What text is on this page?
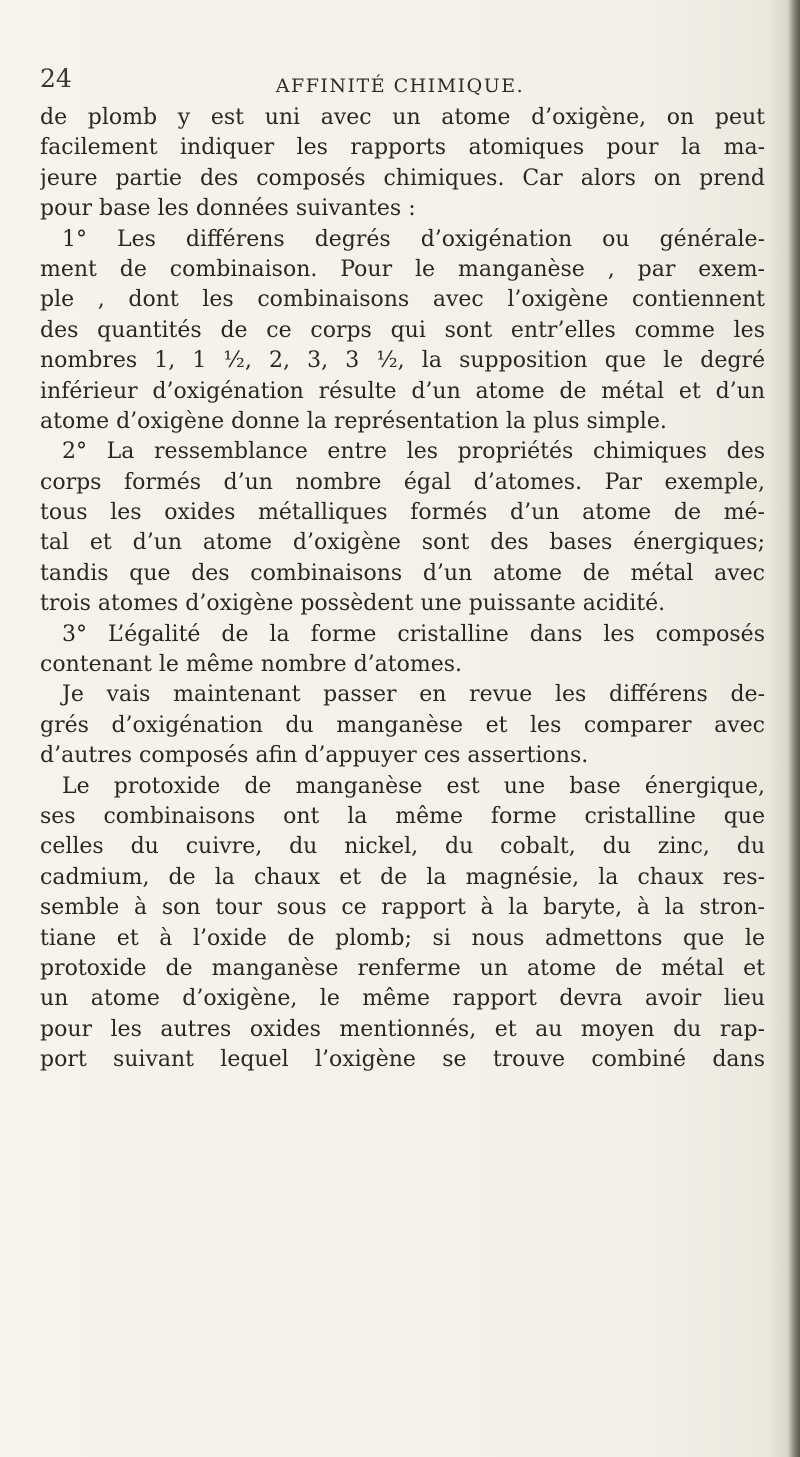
24	AFFINITÉ CHIMIQUE.
de plomb y est uni avec un atome d’oxigène, on peut
facilement indiquer les rapports atomiques pour la ma-
jeure partie des composés chimiques. Car alors on prend
pour base les données suivantes :
1° Les différens degrés d’oxigénation ou générale-
ment de combinaison. Pour le manganèse , par exem-
ple , dont les combinaisons avec l’oxigène contiennent
des quantités de ce corps qui sont entr’elles comme les
nombres 1, 1 ½, 2, 3, 3 ½, la supposition que le degré
inférieur d’oxigénation résulte d’un atome de métal et d’un
atome d’oxigène donne la représentation la plus simple.
2° La ressemblance entre les propriétés chimiques des
corps formés d’un nombre égal d’atomes. Par exemple,
tous les oxides métalliques formés d’un atome de mé-
tal et d’un atome d’oxigène sont des bases énergiques;
tandis que des combinaisons d’un atome de métal avec
trois atomes d’oxigène possèdent une puissante acidité.
3° L’égalité de la forme cristalline dans les composés
contenant le même nombre d’atomes.
Je vais maintenant passer en revue les différens de-
grés d’oxigénation du manganèse et les comparer avec
d’autres composés afin d’appuyer ces assertions.
Le protoxide de manganèse est une base énergique,
ses combinaisons ont la même forme cristalline que
celles du cuivre, du nickel, du cobalt, du zinc, du
cadmium, de la chaux et de la magnésie, la chaux res-
semble à son tour sous ce rapport à la baryte, à la stron-
tiane et à l’oxide de plomb; si nous admettons que le
protoxide de manganèse renferme un atome de métal et
un atome d’oxigène, le même rapport devra avoir lieu
pour les autres oxides mentionnés, et au moyen du rap-
port suivant lequel l’oxigène se trouve combiné dans
